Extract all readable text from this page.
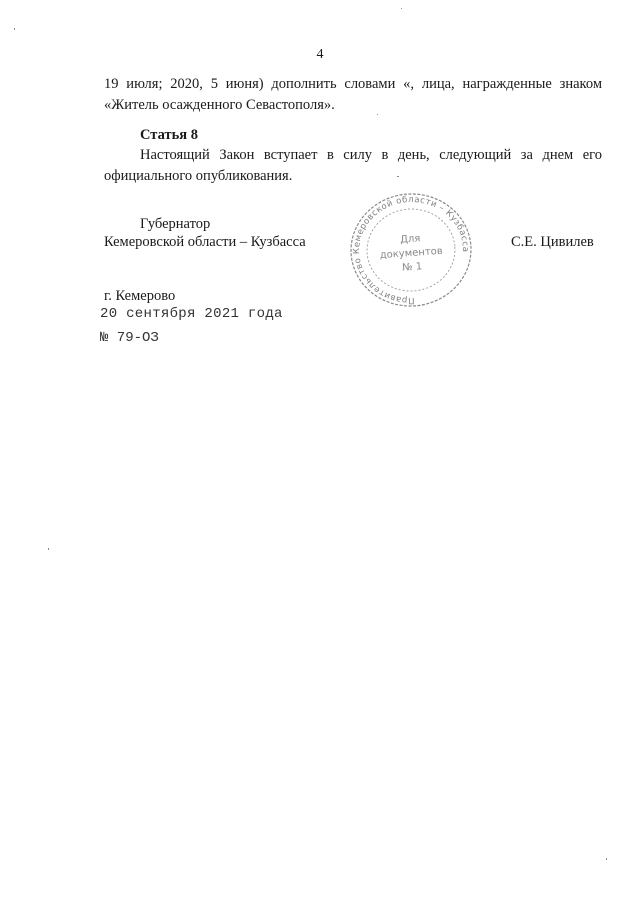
4
19 июля; 2020, 5 июня) дополнить словами «, лица, награжденные знаком «Житель осажденного Севастополя».
Статья 8
Настоящий Закон вступает в силу в день, следующий за днем его официального опубликования.
Губернатор
Кемеровской области – Кузбасса	С.Е. Цивилев
Правительство Кемеровской области – Кузбасса
Для
документов
№ 1
г. Кемерово
20 сентября 2021 года
№ 79-ОЗ
